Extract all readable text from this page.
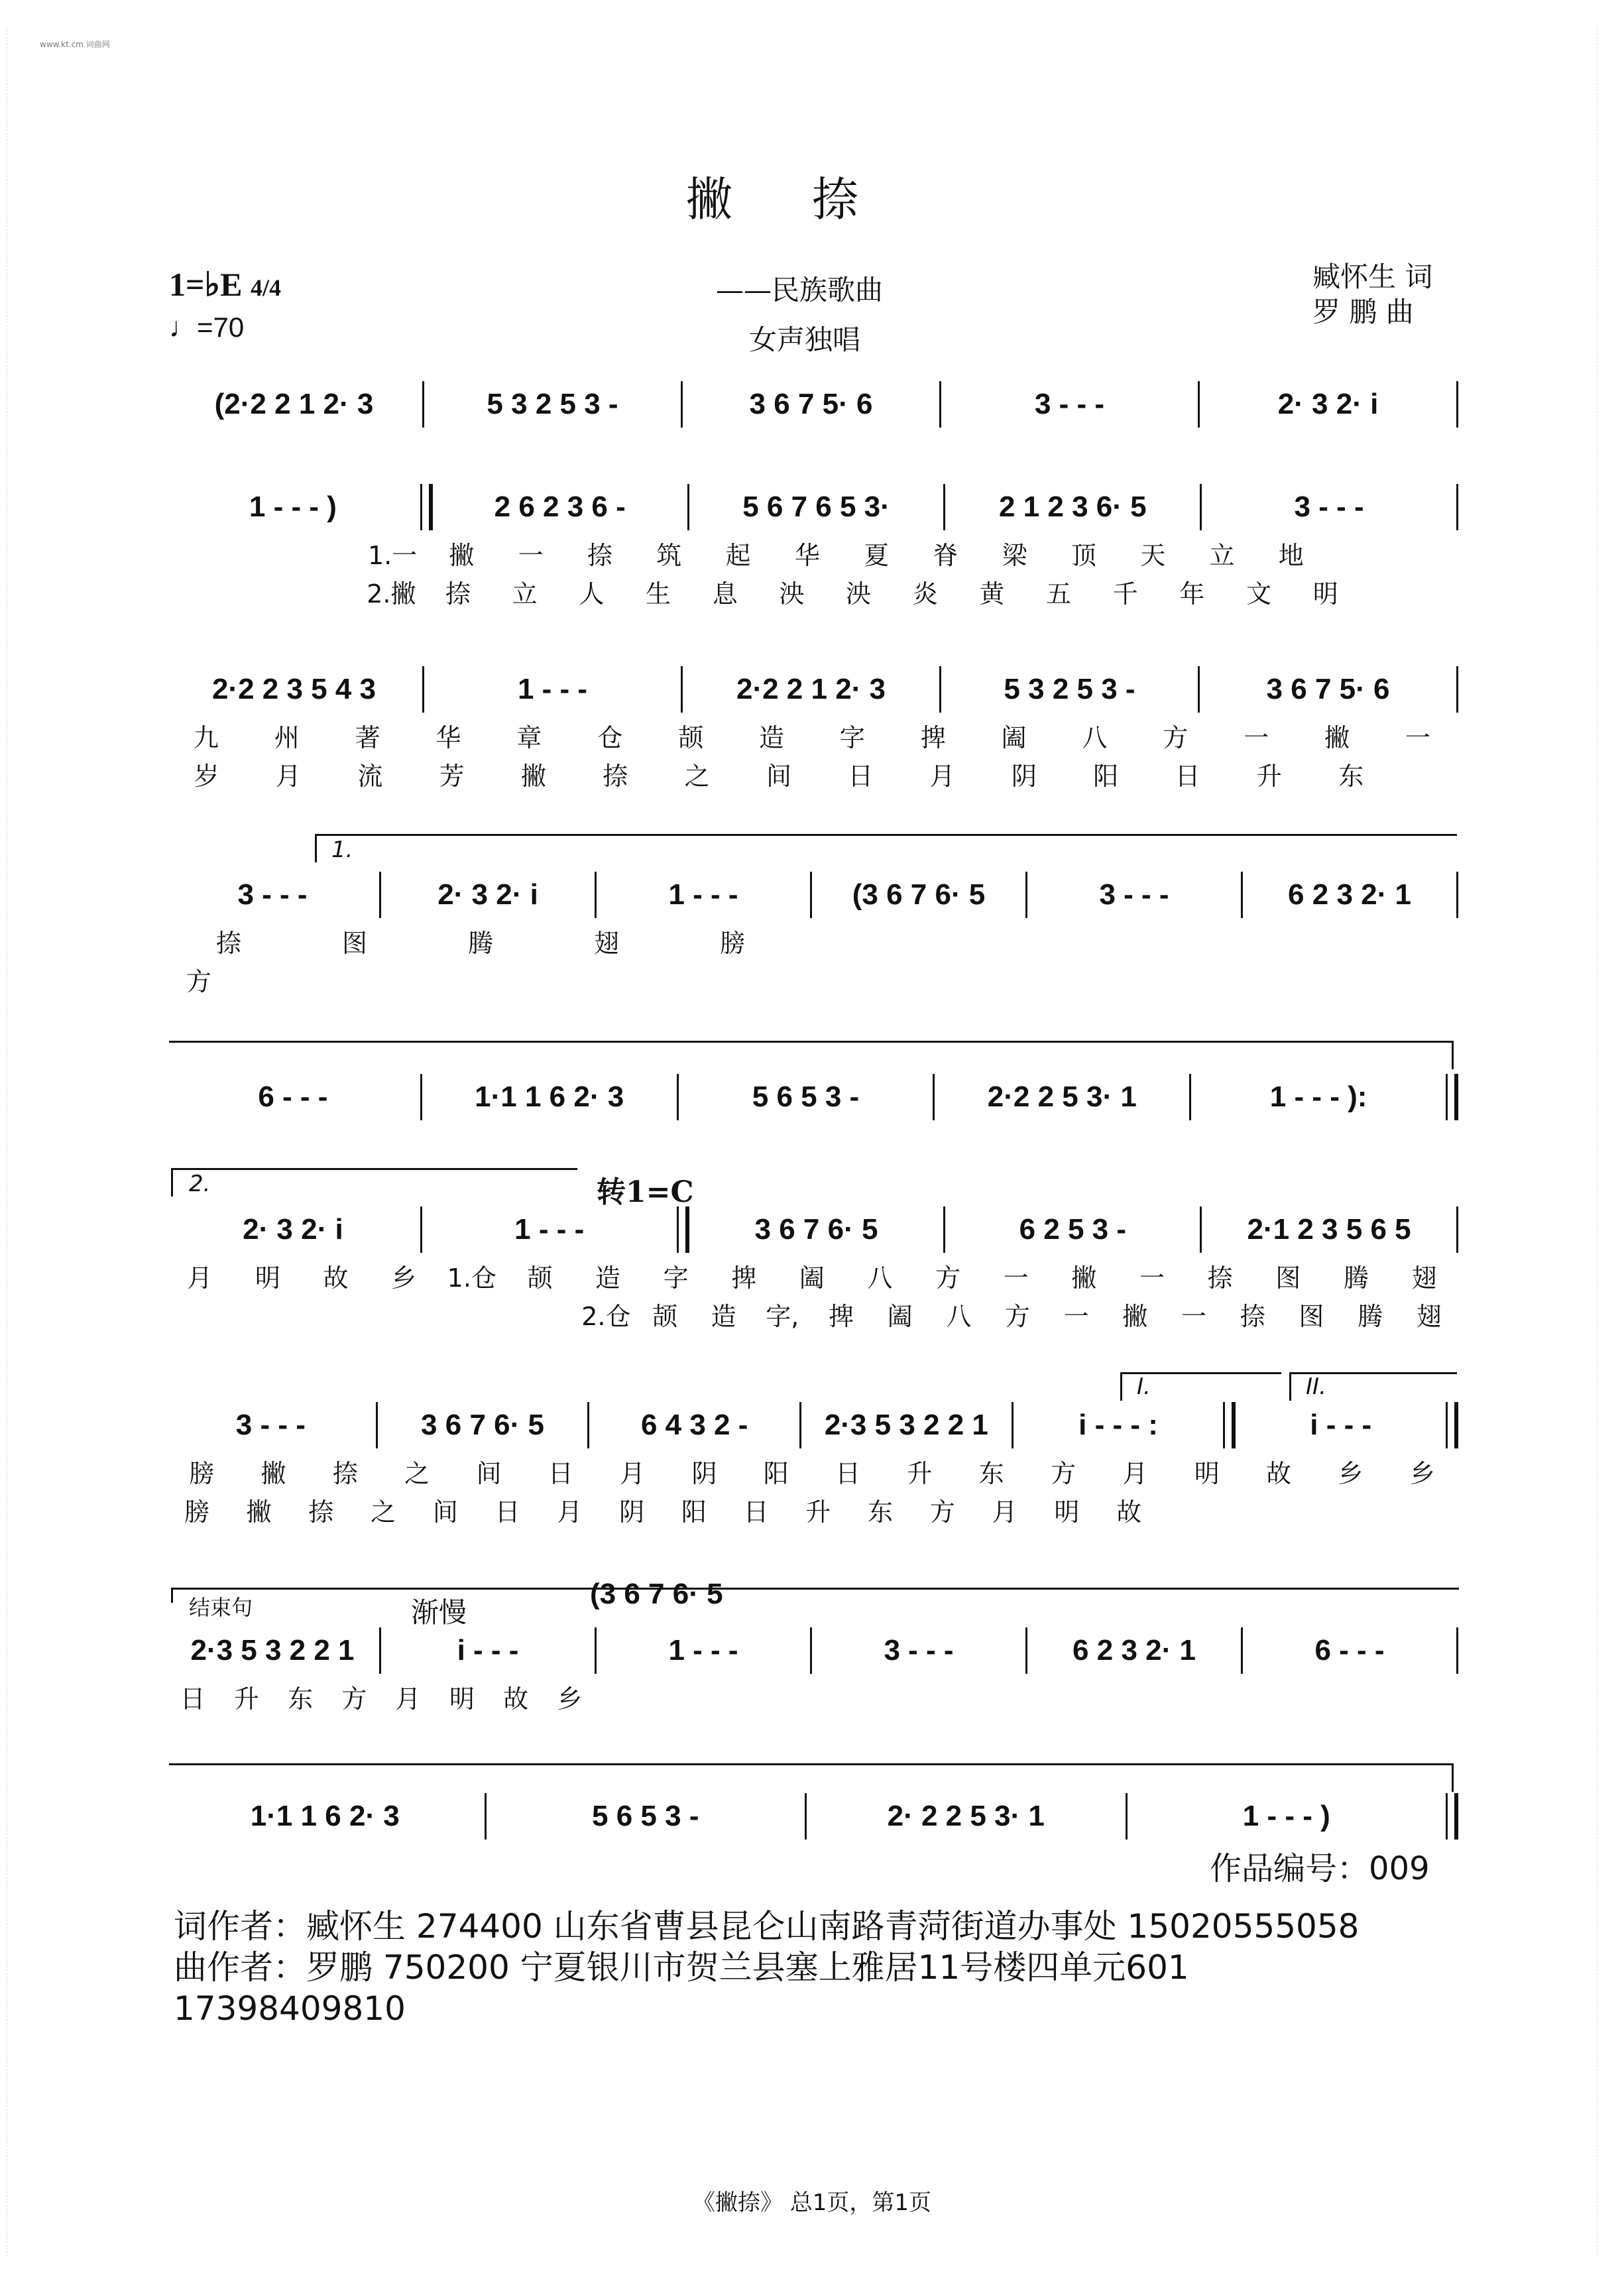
www.kt.cm 词曲网
撇捺
1=♭E 4/4
♩=70
——民族歌曲
女声独唱
臧怀生 词
罗 鹏 曲
(2·2 2 1 2· 3	5 3 2 5 3 -	3 6 7 5· 6	3 - - -	2· 3 2· i
1 - - - )	2 6 2 3 6 -	5 6 7 6 5 3·	2 1 2 3 6· 5	3 - - -
1.一	撇	一	捺	筑	起	华	夏	脊	梁	顶	天	立	地
2.撇	捺	立	人	生	息	泱	泱	炎	黄	五	千	年	文	明
2·2 2 3 5 4 3	1 - - -	2·2 2 1 2· 3	5 3 2 5 3 -	3 6 7 5· 6
九	州	著	华	章	仓	颉	造	字	捭	阖	八	方	一	撇	一
岁	月	流	芳	撇	捺	之	间	日	月	阴	阳	日	升	东
1.
3 - - -	2· 3 2· i	1 - - -	(3 6 7 6· 5	3 - - -	6 2 3 2· 1
捺	图	腾	翅	膀
方
6 - - -	1·1 1 6 2· 3	5 6 5 3 -	2·2 2 5 3· 1	1 - - - ):
2.	转1=C
2· 3 2· i	1 - - -	3 6 7 6· 5	6 2 5 3 -	2·1 2 3 5 6 5
月	明	故	乡	1.仓	颉	造	字	捭	阖	八	方	一	撇	一	捺	图	腾	翅
2.仓 颉	造	字,	捭	阖	八	方	一	撇	一	捺	图	腾	翅
I.	II.
3 - - -	3 6 7 6· 5	6 4 3 2 -	2·3 5 3 2 2 1	i - - - :	i - - -
膀	撇	捺	之	间	日	月	阴	阳	日	升	东	方	月	明	故	乡	乡
膀	撇	捺	之	间	日	月	阴	阳	日	升	东	方	月	明	故
结束句	渐慢
(3 6 7 6· 5
2·3 5 3 2 2 1	i - - -	1 - - -	3 - - -	6 2 3 2· 1	6 - - -
日	升	东	方	月	明	故	乡
1·1 1 6 2· 3	5 6 5 3 -	2· 2 2 5 3· 1	1 - - - )
作品编号：009
词作者：臧怀生 274400 山东省曹县昆仑山南路青菏街道办事处 15020555058
曲作者：罗鹏 750200 宁夏银川市贺兰县塞上雅居11号楼四单元601
17398409810
《撇捺》 总1页，第1页
